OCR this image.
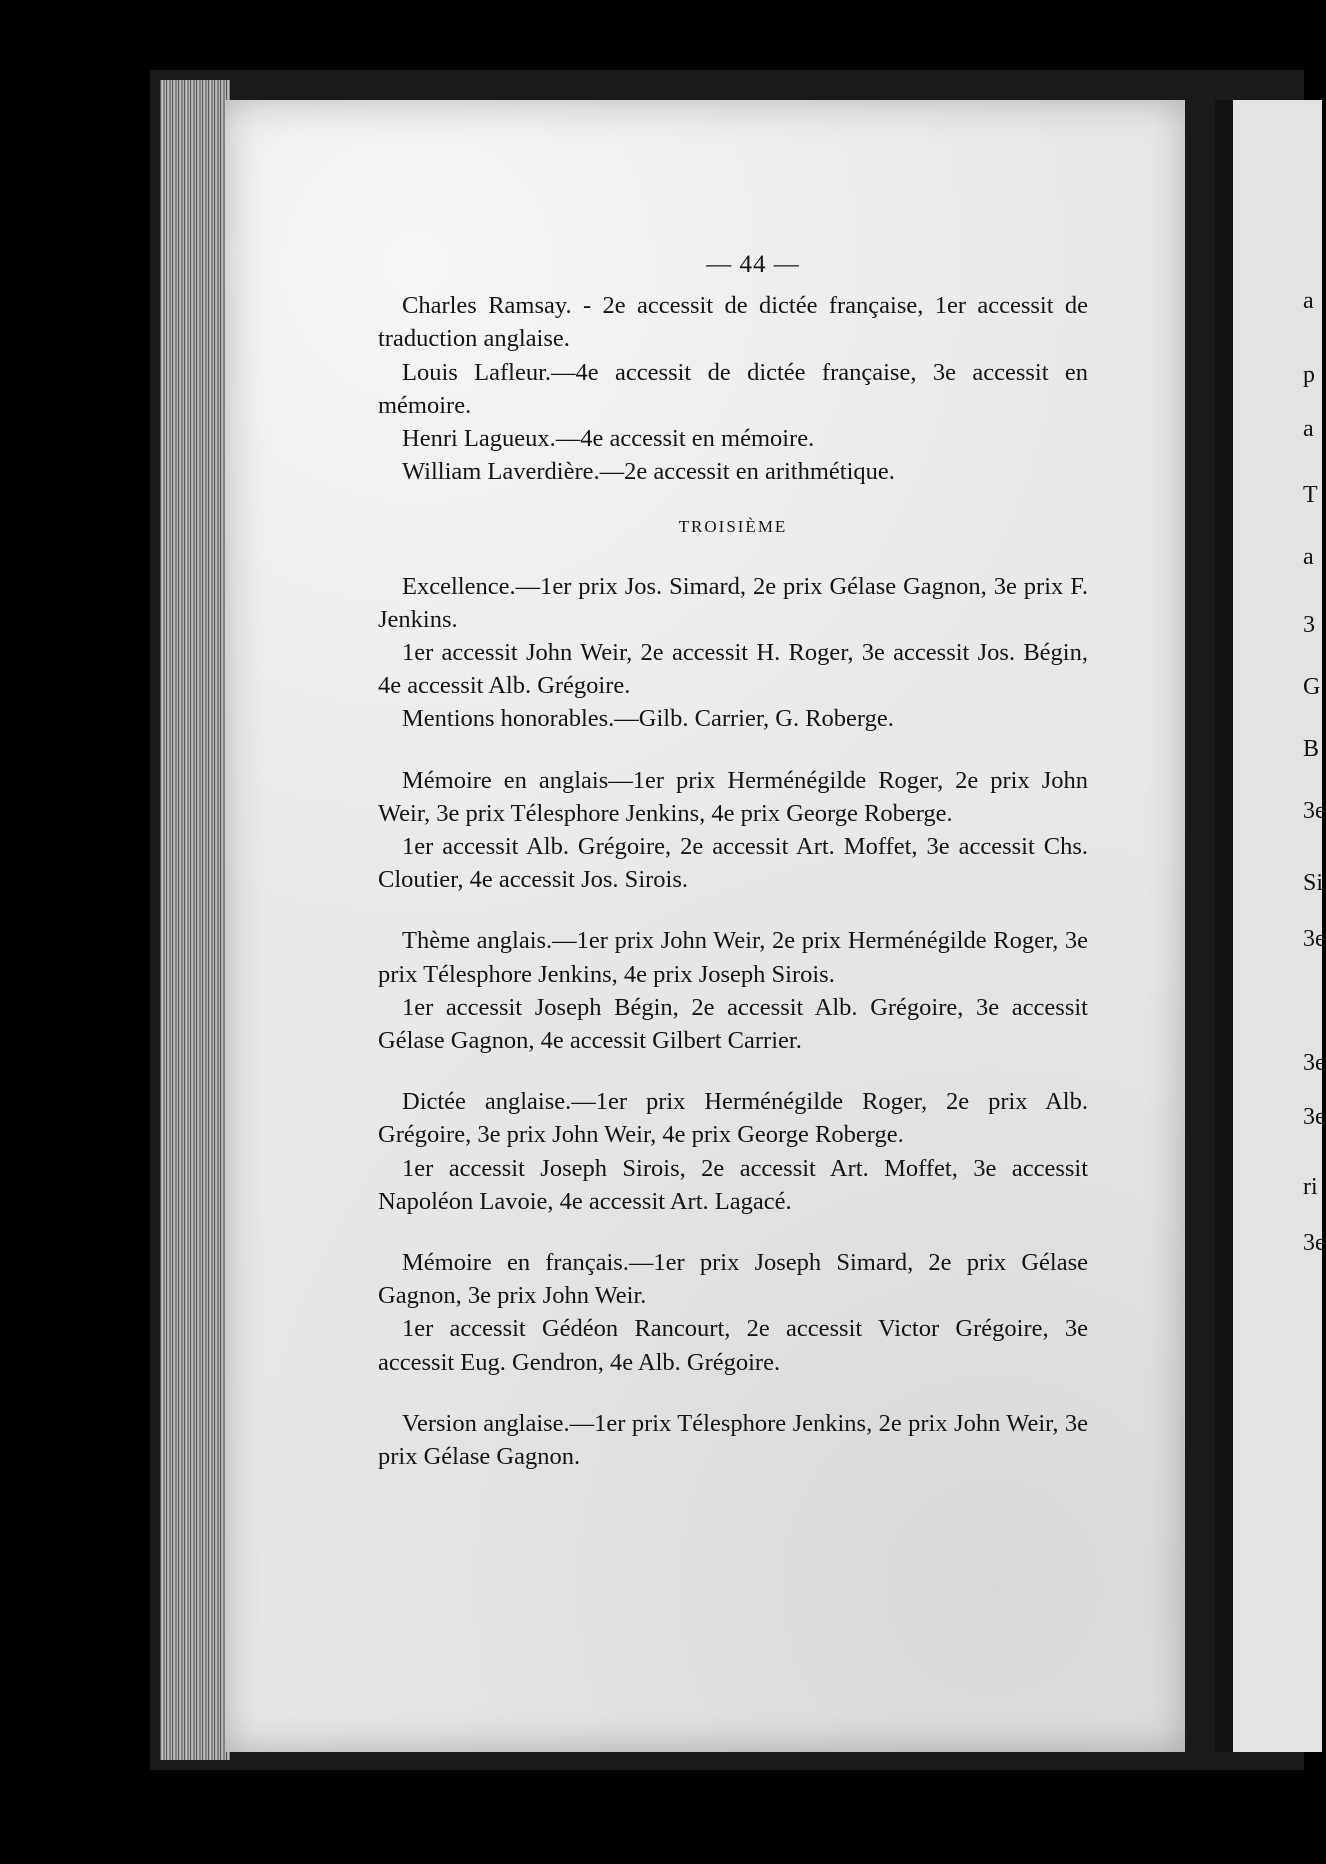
a
p
a
T
a
3
G
B
3e
Si
3e
3e
3e
ri
3e
— 44 —

Charles Ramsay. - 2e accessit de dictée française, 1er accessit de traduction anglaise.

Louis Lafleur.—4e accessit de dictée française, 3e accessit en mémoire.

Henri Lagueux.—4e accessit en mémoire.

William Laverdière.—2e accessit en arithmétique.

TROISIÈME

Excellence.—1er prix Jos. Simard, 2e prix Gélase Gagnon, 3e prix F. Jenkins.

1er accessit John Weir, 2e accessit H. Roger, 3e accessit Jos. Bégin, 4e accessit Alb. Grégoire.

Mentions honorables.—Gilb. Carrier, G. Roberge.

Mémoire en anglais—1er prix Herménégilde Roger, 2e prix John Weir, 3e prix Télesphore Jenkins, 4e prix George Roberge.

1er accessit Alb. Grégoire, 2e accessit Art. Moffet, 3e accessit Chs. Cloutier, 4e accessit Jos. Sirois.

Thème anglais.—1er prix John Weir, 2e prix Herménégilde Roger, 3e prix Télesphore Jenkins, 4e prix Joseph Sirois.

1er accessit Joseph Bégin, 2e accessit Alb. Grégoire, 3e accessit Gélase Gagnon, 4e accessit Gilbert Carrier.

Dictée anglaise.—1er prix Herménégilde Roger, 2e prix Alb. Grégoire, 3e prix John Weir, 4e prix George Roberge.

1er accessit Joseph Sirois, 2e accessit Art. Moffet, 3e accessit Napoléon Lavoie, 4e accessit Art. Lagacé.

Mémoire en français.—1er prix Joseph Simard, 2e prix Gélase Gagnon, 3e prix John Weir.

1er accessit Gédéon Rancourt, 2e accessit Victor Grégoire, 3e accessit Eug. Gendron, 4e Alb. Grégoire.

Version anglaise.—1er prix Télesphore Jenkins, 2e prix John Weir, 3e prix Gélase Gagnon.
